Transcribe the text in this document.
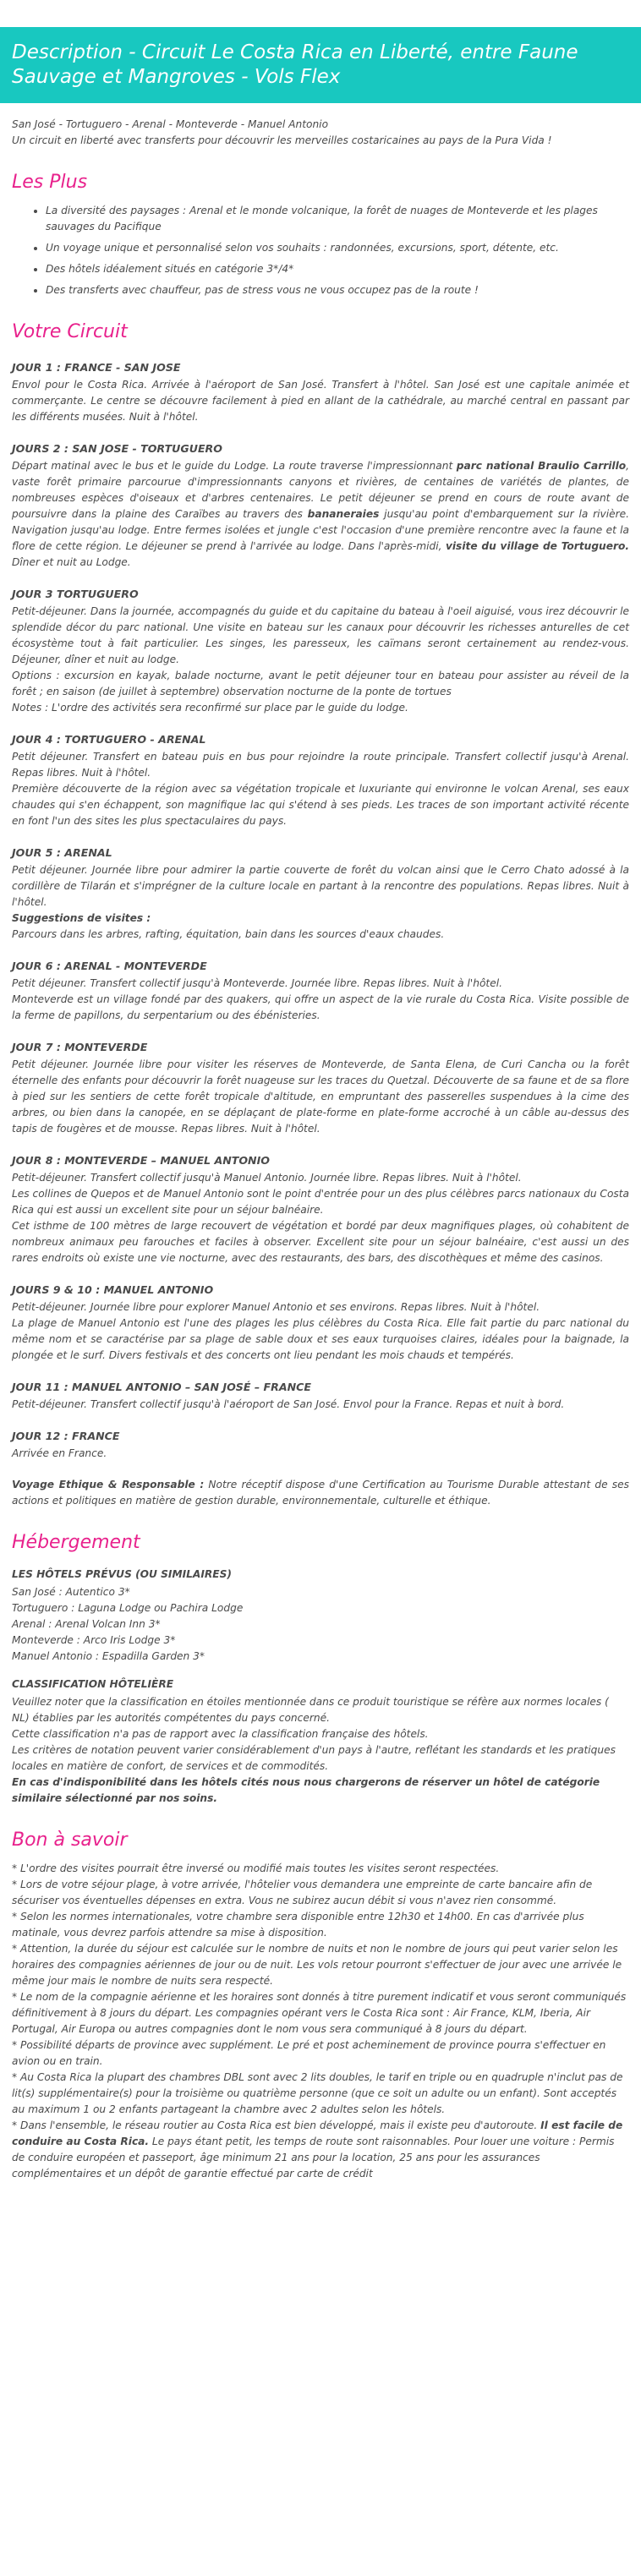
Description - Circuit Le Costa Rica en Liberté, entre Faune Sauvage et Mangroves - Vols Flex

San José - Tortuguero - Arenal - Monteverde - Manuel Antonio

Un circuit en liberté avec transferts pour découvrir les merveilles costaricaines au pays de la Pura Vida !

Les Plus
• La diversité des paysages : Arenal et le monde volcanique, la forêt de nuages de Monteverde et les plages sauvages du Pacifique
• Un voyage unique et personnalisé selon vos souhaits : randonnées, excursions, sport, détente, etc.
• Des hôtels idéalement situés en catégorie 3*/4*
• Des transferts avec chauffeur, pas de stress vous ne vous occupez pas de la route !
Votre Circuit
JOUR 1 : FRANCE - SAN JOSE

Envol pour le Costa Rica. Arrivée à l'aéroport de San José. Transfert à l'hôtel. San José est une capitale animée et commerçante. Le centre se découvre facilement à pied en allant de la cathédrale, au marché central en passant par les différents musées. Nuit à l'hôtel.

JOURS 2 : SAN JOSE - TORTUGUERO

Départ matinal avec le bus et le guide du Lodge. La route traverse l'impressionnant parc national Braulio Carrillo, vaste forêt primaire parcourue d'impressionnants canyons et rivières, de centaines de variétés de plantes, de nombreuses espèces d'oiseaux et d'arbres centenaires. Le petit déjeuner se prend en cours de route avant de poursuivre dans la plaine des Caraïbes au travers des bananeraies jusqu'au point d'embarquement sur la rivière. Navigation jusqu'au lodge. Entre fermes isolées et jungle c'est l'occasion d'une première rencontre avec la faune et la flore de cette région. Le déjeuner se prend à l'arrivée au lodge. Dans l'après-midi, visite du village de Tortuguero. Dîner et nuit au Lodge.

JOUR 3 TORTUGUERO

Petit-déjeuner. Dans la journée, accompagnés du guide et du capitaine du bateau à l'oeil aiguisé, vous irez découvrir le splendide décor du parc national. Une visite en bateau sur les canaux pour découvrir les richesses anturelles de cet écosystème tout à fait particulier. Les singes, les paresseux, les caïmans seront certainement au rendez-vous. Déjeuner, dîner et nuit au lodge.

Options : excursion en kayak, balade nocturne, avant le petit déjeuner tour en bateau pour assister au réveil de la forêt ; en saison (de juillet à septembre) observation nocturne de la ponte de tortues

Notes : L'ordre des activités sera reconfirmé sur place par le guide du lodge.

JOUR 4 : TORTUGUERO - ARENAL

Petit déjeuner. Transfert en bateau puis en bus pour rejoindre la route principale. Transfert collectif jusqu'à Arenal. Repas libres. Nuit à l'hôtel.

Première découverte de la région avec sa végétation tropicale et luxuriante qui environne le volcan Arenal, ses eaux chaudes qui s'en échappent, son magnifique lac qui s'étend à ses pieds. Les traces de son important activité récente en font l'un des sites les plus spectaculaires du pays.

JOUR 5 : ARENAL

Petit déjeuner. Journée libre pour admirer la partie couverte de forêt du volcan ainsi que le Cerro Chato adossé à la cordillère de Tilarán et s'imprégner de la culture locale en partant à la rencontre des populations. Repas libres. Nuit à l'hôtel.

Suggestions de visites :

Parcours dans les arbres, rafting, équitation, bain dans les sources d'eaux chaudes.

JOUR 6 : ARENAL - MONTEVERDE

Petit déjeuner. Transfert collectif jusqu'à Monteverde. Journée libre. Repas libres. Nuit à l'hôtel.

Monteverde est un village fondé par des quakers, qui offre un aspect de la vie rurale du Costa Rica. Visite possible de la ferme de papillons, du serpentarium ou des ébénisteries.

JOUR 7 : MONTEVERDE

Petit déjeuner. Journée libre pour visiter les réserves de Monteverde, de Santa Elena, de Curi Cancha ou la forêt éternelle des enfants pour découvrir la forêt nuageuse sur les traces du Quetzal. Découverte de sa faune et de sa flore à pied sur les sentiers de cette forêt tropicale d'altitude, en empruntant des passerelles suspendues à la cime des arbres, ou bien dans la canopée, en se déplaçant de plate-forme en plate-forme accroché à un câble au-dessus des tapis de fougères et de mousse. Repas libres. Nuit à l'hôtel.

JOUR 8 : MONTEVERDE – MANUEL ANTONIO

Petit-déjeuner. Transfert collectif jusqu'à Manuel Antonio. Journée libre. Repas libres. Nuit à l'hôtel.

Les collines de Quepos et de Manuel Antonio sont le point d'entrée pour un des plus célèbres parcs nationaux du Costa Rica qui est aussi un excellent site pour un séjour balnéaire.

Cet isthme de 100 mètres de large recouvert de végétation et bordé par deux magnifiques plages, où cohabitent de nombreux animaux peu farouches et faciles à observer. Excellent site pour un séjour balnéaire, c'est aussi un des rares endroits où existe une vie nocturne, avec des restaurants, des bars, des discothèques et même des casinos.

JOURS 9 & 10 : MANUEL ANTONIO

Petit-déjeuner. Journée libre pour explorer Manuel Antonio et ses environs. Repas libres. Nuit à l'hôtel.

La plage de Manuel Antonio est l'une des plages les plus célèbres du Costa Rica. Elle fait partie du parc national du même nom et se caractérise par sa plage de sable doux et ses eaux turquoises claires, idéales pour la baignade, la plongée et le surf. Divers festivals et des concerts ont lieu pendant les mois chauds et tempérés.

JOUR 11 : MANUEL ANTONIO – SAN JOSÉ – FRANCE

Petit-déjeuner. Transfert collectif jusqu'à l'aéroport de San José. Envol pour la France. Repas et nuit à bord.

JOUR 12 : FRANCE

Arrivée en France.

Voyage Ethique & Responsable : Notre réceptif dispose d'une Certification au Tourisme Durable attestant de ses actions et politiques en matière de gestion durable, environnementale, culturelle et éthique.

Hébergement
LES HÔTELS PRÉVUS (OU SIMILAIRES)

San José : Autentico 3*

Tortuguero : Laguna Lodge ou Pachira Lodge

Arenal : Arenal Volcan Inn 3*

Monteverde : Arco Iris Lodge 3*

Manuel Antonio : Espadilla Garden 3*

CLASSIFICATION HÔTELIÈRE

Veuillez noter que la classification en étoiles mentionnée dans ce produit touristique se réfère aux normes locales ( NL) établies par les autorités compétentes du pays concerné.

Cette classification n'a pas de rapport avec la classification française des hôtels.

Les critères de notation peuvent varier considérablement d'un pays à l'autre, reflétant les standards et les pratiques locales en matière de confort, de services et de commodités.

En cas d'indisponibilité dans les hôtels cités nous nous chargerons de réserver un hôtel de catégorie similaire sélectionné par nos soins.

Bon à savoir

* L'ordre des visites pourrait être inversé ou modifié mais toutes les visites seront respectées.

* Lors de votre séjour plage, à votre arrivée, l'hôtelier vous demandera une empreinte de carte bancaire afin de sécuriser vos éventuelles dépenses en extra. Vous ne subirez aucun débit si vous n'avez rien consommé.

* Selon les normes internationales, votre chambre sera disponible entre 12h30 et 14h00. En cas d'arrivée plus matinale, vous devrez parfois attendre sa mise à disposition.

* Attention, la durée du séjour est calculée sur le nombre de nuits et non le nombre de jours qui peut varier selon les horaires des compagnies aériennes de jour ou de nuit. Les vols retour pourront s'effectuer de jour avec une arrivée le même jour mais le nombre de nuits sera respecté.

* Le nom de la compagnie aérienne et les horaires sont donnés à titre purement indicatif et vous seront communiqués définitivement à 8 jours du départ. Les compagnies opérant vers le Costa Rica sont : Air France, KLM, Iberia, Air Portugal, Air Europa ou autres compagnies dont le nom vous sera communiqué à 8 jours du départ.

* Possibilité départs de province avec supplément. Le pré et post acheminement de province pourra s'effectuer en avion ou en train.

* Au Costa Rica la plupart des chambres DBL sont avec 2 lits doubles, le tarif en triple ou en quadruple n'inclut pas de lit(s) supplémentaire(s) pour la troisième ou quatrième personne (que ce soit un adulte ou un enfant). Sont acceptés au maximum 1 ou 2 enfants partageant la chambre avec 2 adultes selon les hôtels.

* Dans l'ensemble, le réseau routier au Costa Rica est bien développé, mais il existe peu d'autoroute. Il est facile de conduire au Costa Rica. Le pays étant petit, les temps de route sont raisonnables. Pour louer une voiture : Permis de conduire européen et passeport, âge minimum 21 ans pour la location, 25 ans pour les assurances complémentaires et un dépôt de garantie effectué par carte de crédit
